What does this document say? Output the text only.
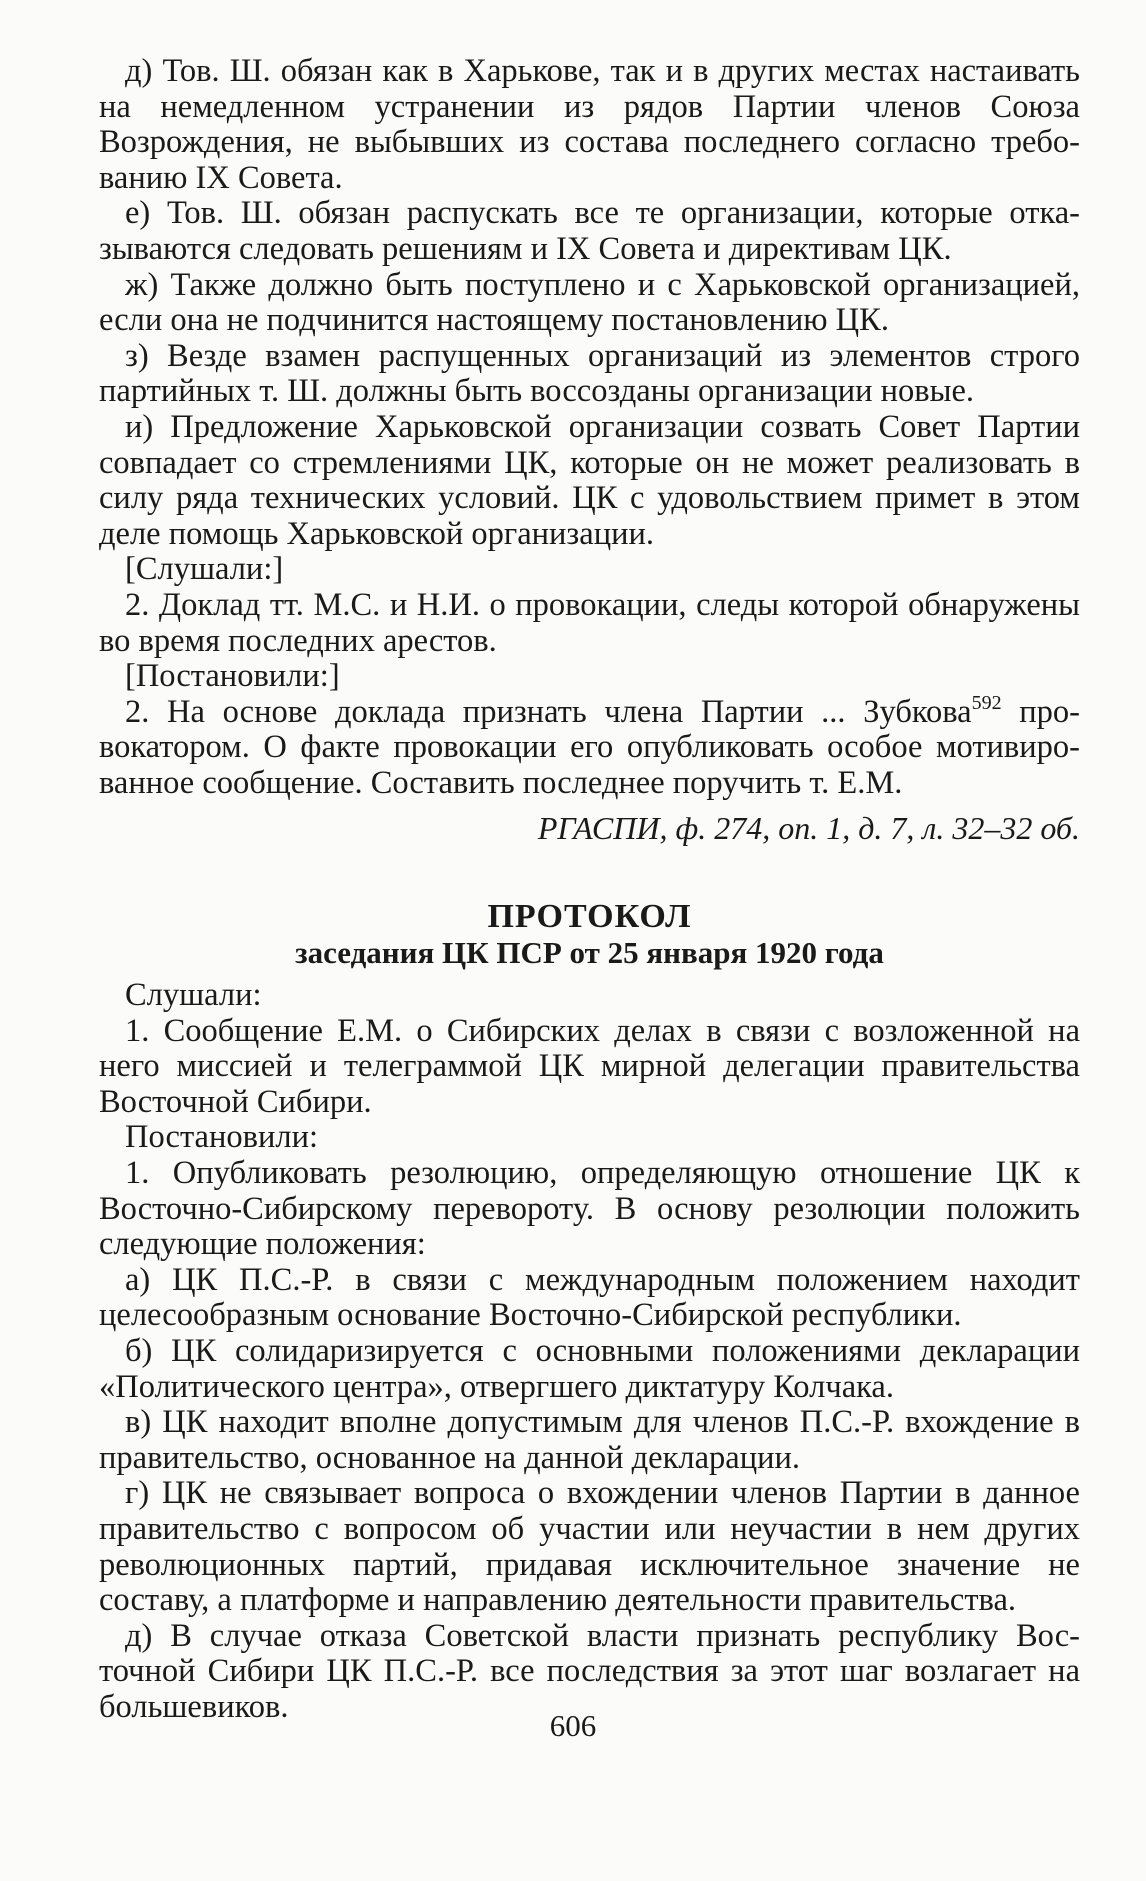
д) Тов. Ш. обязан как в Харькове, так и в других местах настаивать на немедленном устранении из рядов Партии членов Союза Возрождения, не выбывших из состава последнего согласно требованию IX Совета.

е) Тов. Ш. обязан распускать все те организации, которые отказываются следовать решениям и IX Совета и директивам ЦК.

ж) Также должно быть поступлено и с Харьковской организацией, если она не подчинится настоящему постановлению ЦК.

з) Везде взамен распущенных организаций из элементов строго партийных т. Ш. должны быть воссозданы организации новые.

и) Предложение Харьковской организации созвать Совет Партии совпадает со стремлениями ЦК, которые он не может реализовать в силу ряда технических условий. ЦК с удовольствием примет в этом деле помощь Харьковской организации.

[Слушали:]

2. Доклад тт. М.С. и Н.И. о провокации, следы которой обнаружены во время последних арестов.

[Постановили:]

2. На основе доклада признать члена Партии ... Зубкова$^{592}$ провокатором. О факте провокации его опубликовать особое мотивированное сообщение. Составить последнее поручить т. Е.М.

РГАСПИ, ф. 274, оп. 1, д. 7, л. 32–32 об.

ПРОТОКОЛ

заседания ЦК ПСР от 25 января 1920 года

Слушали:

1. Сообщение Е.М. о Сибирских делах в связи с возложенной на него миссией и телеграммой ЦК мирной делегации правительства Восточной Сибири.

Постановили:

1. Опубликовать резолюцию, определяющую отношение ЦК к Восточно-Сибирскому перевороту. В основу резолюции положить следующие положения:

а) ЦК П.С.-Р. в связи с международным положением находит целесообразным основание Восточно-Сибирской республики.

б) ЦК солидаризируется с основными положениями декларации «Политического центра», отвергшего диктатуру Колчака.

в) ЦК находит вполне допустимым для членов П.С.-Р. вхождение в правительство, основанное на данной декларации.

г) ЦК не связывает вопроса о вхождении членов Партии в данное правительство с вопросом об участии или неучастии в нем других революционных партий, придавая исключительное значение не составу, а платформе и направлению деятельности правительства.

д) В случае отказа Советской власти признать республику Восточной Сибири ЦК П.С.-Р. все последствия за этот шаг возлагает на большевиков.

606
